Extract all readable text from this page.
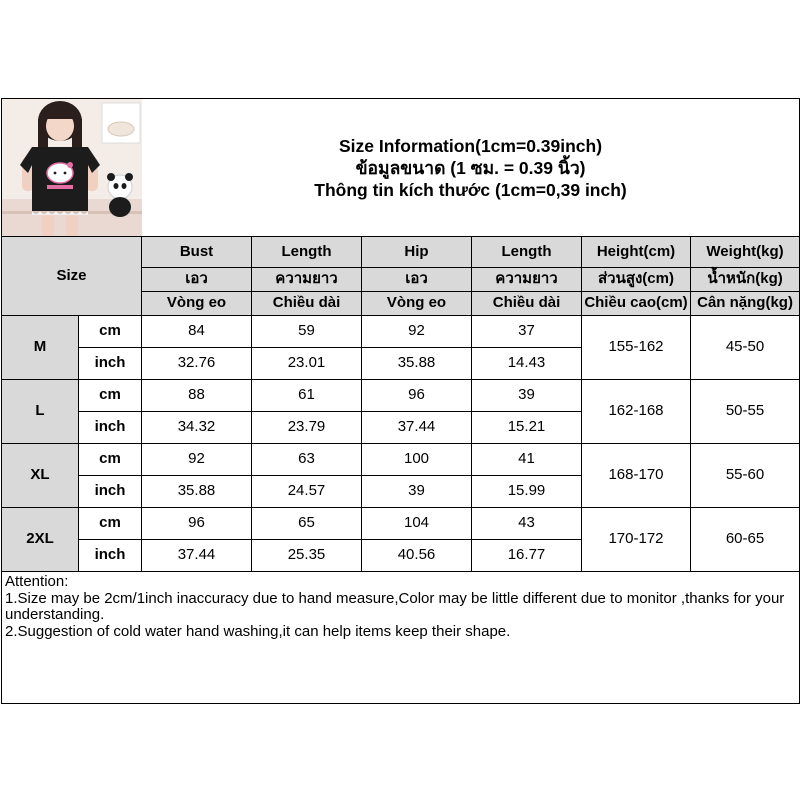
Size Information(1cm=0.39inch)
ข้อมูลขนาด (1 ซม. = 0.39 นิ้ว)
Thông tin kích thước (1cm=0,39 inch)					

Size		Bust	Length	Hip	Length	Height(cm)	Weight(kg)
		เอว	ความยาว	เอว	ความยาว	ส่วนสูง(cm)	น้ำหนัก(kg)
		Vòng eo	Chiều dài	Vòng eo	Chiều dài	Chiều cao(cm)	Cân nặng(kg)
M	cm	84	59	92	37	155-162	45-50
	inch	32.76	23.01	35.88	14.43		
L	cm	88	61	96	39	162-168	50-55
	inch	34.32	23.79	37.44	15.21		
XL	cm	92	63	100	41	168-170	55-60
	inch	35.88	24.57	39	15.99		
2XL	cm	96	65	104	43	170-172	60-65
	inch	37.44	25.35	40.56	16.77		

Attention:
1.Size may be 2cm/1inch inaccuracy due to hand measure,Color may be little different due to monitor ,thanks for your understanding.
2.Suggestion of cold water hand washing,it can help items keep their shape.							
